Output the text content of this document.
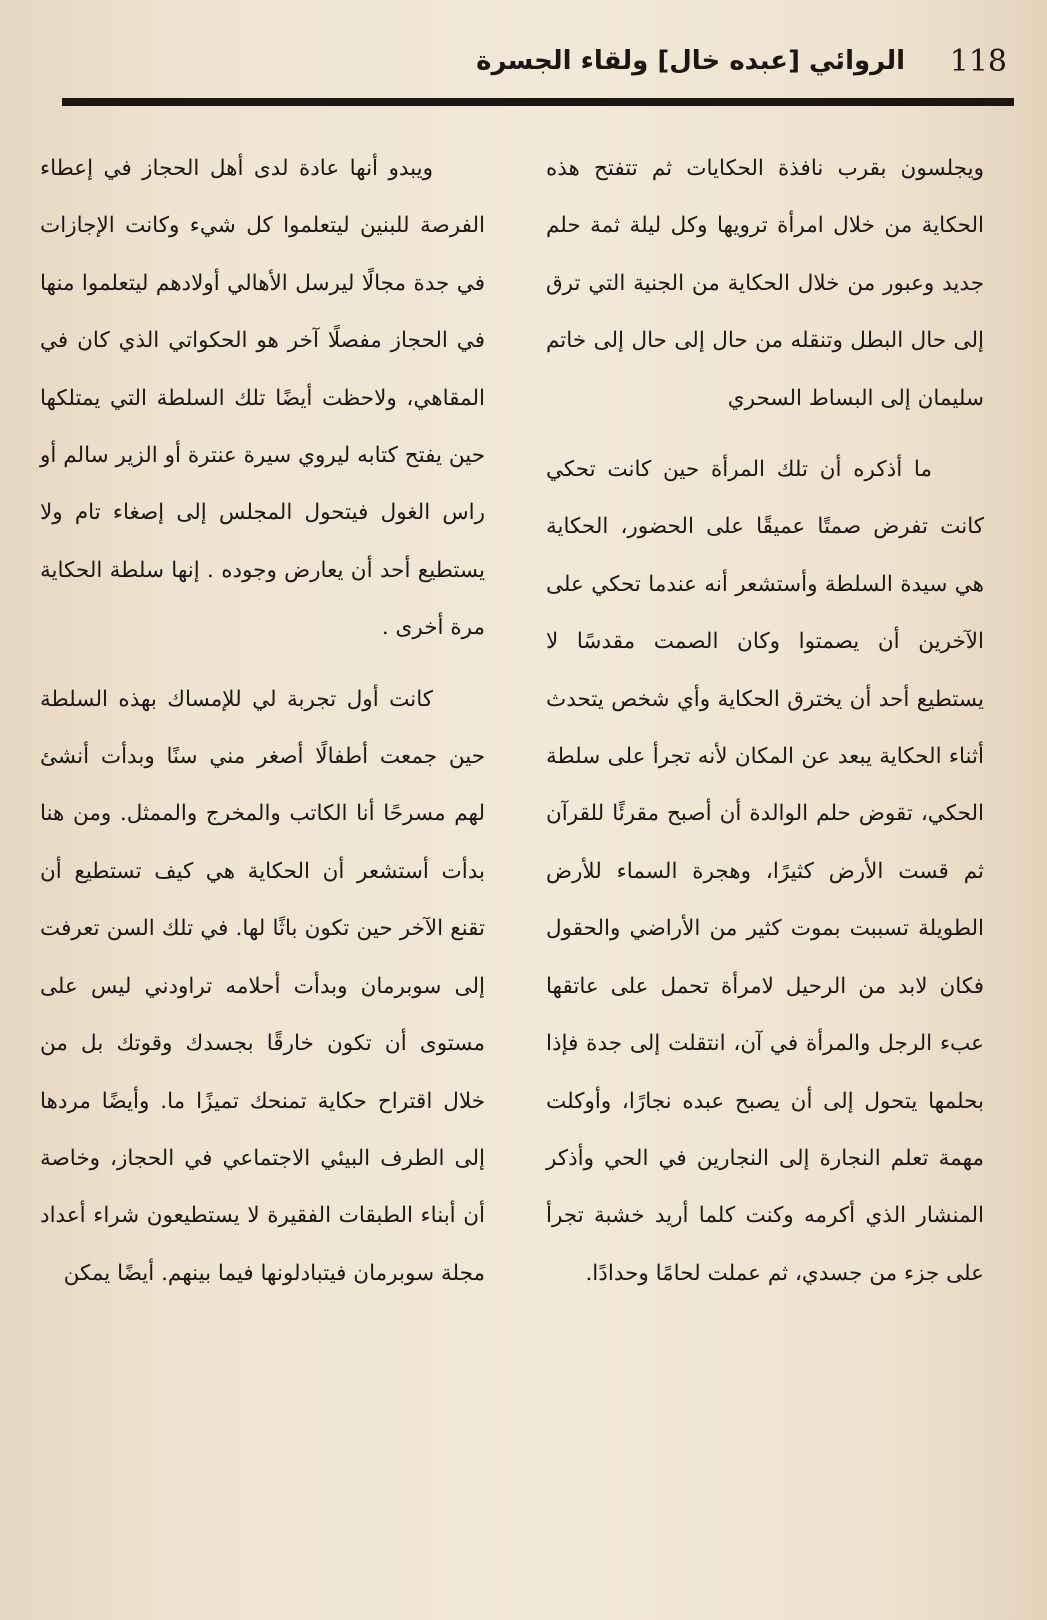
118
الروائي [عبده خال] ولقاء الجسرة

ويجلسون بقرب نافذة الحكايات ثم تتفتح هذه الحكاية من خلال امرأة ترويها وكل ليلة ثمة حلم جديد وعبور من خلال الحكاية من الجنية التي ترق إلى حال البطل وتنقله من حال إلى حال إلى خاتم سليمان إلى البساط السحري

ما أذكره أن تلك المرأة حين كانت تحكي كانت تفرض صمتًا عميقًا على الحضور، الحكاية هي سيدة السلطة وأستشعر أنه عندما تحكي على الآخرين أن يصمتوا وكان الصمت مقدسًا لا يستطيع أحد أن يخترق الحكاية وأي شخص يتحدث أثناء الحكاية يبعد عن المكان لأنه تجرأ على سلطة الحكي، تقوض حلم الوالدة أن أصبح مقرئًا للقرآن ثم قست الأرض كثيرًا، وهجرة السماء للأرض الطويلة تسببت بموت كثير من الأراضي والحقول فكان لابد من الرحيل لامرأة تحمل على عاتقها عبء الرجل والمرأة في آن، انتقلت إلى جدة فإذا بحلمها يتحول إلى أن يصبح عبده نجارًا، وأوكلت مهمة تعلم النجارة إلى النجارين في الحي وأذكر المنشار الذي أكرمه وكنت كلما أريد خشبة تجرأ على جزء من جسدي، ثم عملت لحامًا وحدادًا.

ويبدو أنها عادة لدى أهل الحجاز في إعطاء الفرصة للبنين ليتعلموا كل شيء وكانت الإجازات في جدة مجالًا ليرسل الأهالي أولادهم ليتعلموا منها في الحجاز مفصلًا آخر هو الحكواتي الذي كان في المقاهي، ولاحظت أيضًا تلك السلطة التي يمتلكها حين يفتح كتابه ليروي سيرة عنترة أو الزير سالم أو راس الغول فيتحول المجلس إلى إصغاء تام ولا يستطيع أحد أن يعارض وجوده . إنها سلطة الحكاية مرة أخرى .

كانت أول تجربة لي للإمساك بهذه السلطة حين جمعت أطفالًا أصغر مني سنًا وبدأت أنشئ لهم مسرحًا أنا الكاتب والمخرج والممثل. ومن هنا بدأت أستشعر أن الحكاية هي كيف تستطيع أن تقنع الآخر حين تكون باثًا لها. في تلك السن تعرفت إلى سوبرمان وبدأت أحلامه تراودني ليس على مستوى أن تكون خارقًا بجسدك وقوتك بل من خلال اقتراح حكاية تمنحك تميزًا ما. وأيضًا مردها إلى الطرف البيئي الاجتماعي في الحجاز، وخاصة أن أبناء الطبقات الفقيرة لا يستطيعون شراء أعداد مجلة سوبرمان فيتبادلونها فيما بينهم. أيضًا يمكن
